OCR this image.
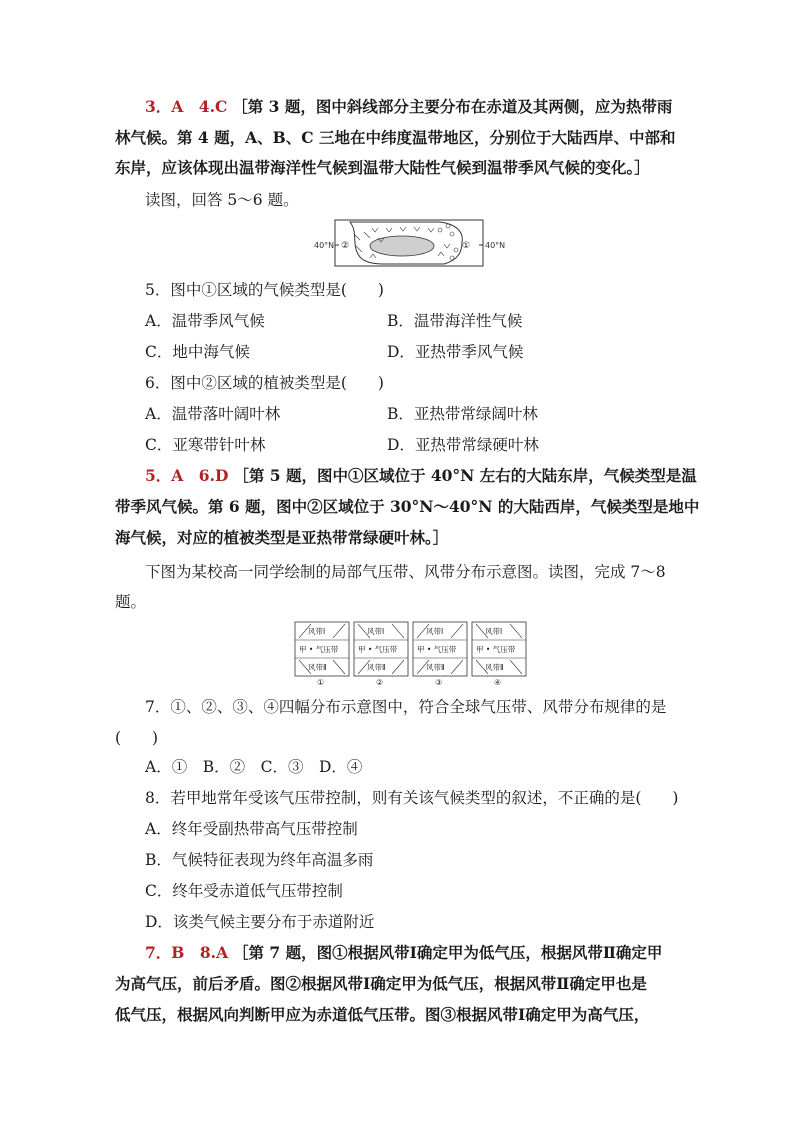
3．A　4.C ［第 3 题，图中斜线部分主要分布在赤道及其两侧，应为热带雨
林气候。第 4 题，A、B、C 三地在中纬度温带地区，分别位于大陆西岸、中部和
东岸，应该体现出温带海洋性气候到温带大陆性气候到温带季风气候的变化。］
读图，回答 5～6 题。
40°N	40°N
②	①
5．图中①区域的气候类型是(　　)
A．温带季风气候	B．温带海洋性气候
C．地中海气候	D．亚热带季风气候
6．图中②区域的植被类型是(　　)
A．温带落叶阔叶林	B．亚热带常绿阔叶林
C．亚寒带针叶林	D．亚热带常绿硬叶林
5．A　6.D ［第 5 题，图中①区域位于 40°N 左右的大陆东岸，气候类型是温
带季风气候。第 6 题，图中②区域位于 30°N～40°N 的大陆西岸，气候类型是地中
海气候，对应的植被类型是亚热带常绿硬叶林。］
下图为某校高一同学绘制的局部气压带、风带分布示意图。读图，完成 7～8
题。
风带Ⅰ
甲 • 气压带
风带Ⅱ
①
风带Ⅰ
甲 • 气压带
风带Ⅱ
②
风带Ⅰ
甲 • 气压带
风带Ⅱ
③
风带Ⅰ
甲 • 气压带
风带Ⅱ
④
7．①、②、③、④四幅分布示意图中，符合全球气压带、风带分布规律的是
(　　)
A．①　B．②　C．③　D．④
8．若甲地常年受该气压带控制，则有关该气候类型的叙述，不正确的是(　　)
A．终年受副热带高气压带控制
B．气候特征表现为终年高温多雨
C．终年受赤道低气压带控制
D．该类气候主要分布于赤道附近
7．B　8.A ［第 7 题，图①根据风带Ⅰ确定甲为低气压，根据风带Ⅱ确定甲
为高气压，前后矛盾。图②根据风带Ⅰ确定甲为低气压，根据风带Ⅱ确定甲也是
低气压，根据风向判断甲应为赤道低气压带。图③根据风带Ⅰ确定甲为高气压，
